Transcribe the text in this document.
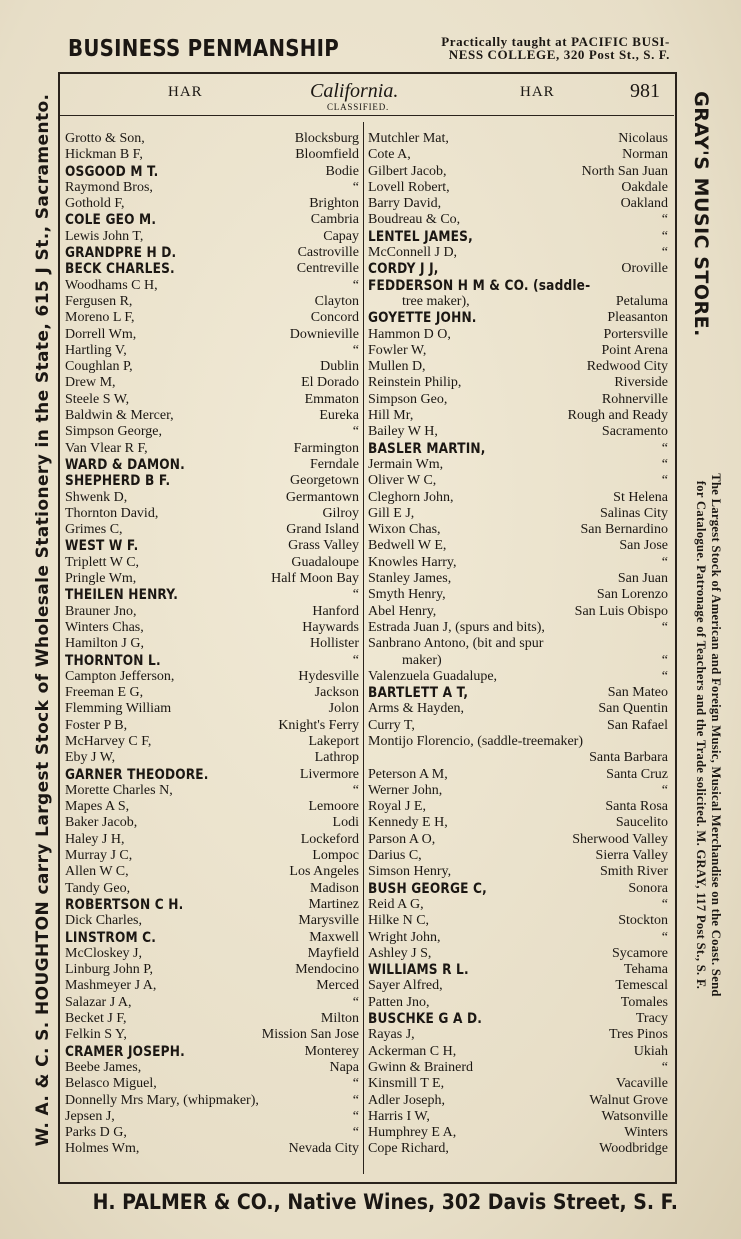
BUSINESS PENMANSHIP	Practically taught at PACIFIC BUSI-
NESS COLLEGE, 320 Post St., S. F.
HAR	California.
CLASSIFIED.
HAR	981
Grotto & Son,	Blocksburg
Hickman B F,	Bloomfield
OSGOOD M T.	Bodie
Raymond Bros,	“
Gothold F,	Brighton
COLE GEO M.	Cambria
Lewis John T,	Capay
GRANDPRE H D.	Castroville
BECK CHARLES.	Centreville
Woodhams C H,	“
Fergusen R,	Clayton
Moreno L F,	Concord
Dorrell Wm,	Downieville
Hartling V,	“
Coughlan P,	Dublin
Drew M,	El Dorado
Steele S W,	Emmaton
Baldwin & Mercer,	Eureka
Simpson George,	“
Van Vlear R F,	Farmington
WARD & DAMON.	Ferndale
SHEPHERD B F.	Georgetown
Shwenk D,	Germantown
Thornton David,	Gilroy
Grimes C,	Grand Island
WEST W F.	Grass Valley
Triplett W C,	Guadaloupe
Pringle Wm,	Half Moon Bay
THEILEN HENRY.	“
Brauner Jno,	Hanford
Winters Chas,	Haywards
Hamilton J G,	Hollister
THORNTON L.	“
Campton Jefferson,	Hydesville
Freeman E G,	Jackson
Flemming William	Jolon
Foster P B,	Knight's Ferry
McHarvey C F,	Lakeport
Eby J W,	Lathrop
GARNER THEODORE.	Livermore
Morette Charles N,	“
Mapes A S,	Lemoore
Baker Jacob,	Lodi
Haley J H,	Lockeford
Murray J C,	Lompoc
Allen W C,	Los Angeles
Tandy Geo,	Madison
ROBERTSON C H.	Martinez
Dick Charles,	Marysville
LINSTROM C.	Maxwell
McCloskey J,	Mayfield
Linburg John P,	Mendocino
Mashmeyer J A,	Merced
Salazar J A,	“
Becket J F,	Milton
Felkin S Y,	Mission San Jose
CRAMER JOSEPH.	Monterey
Beebe James,	Napa
Belasco Miguel,	“
Donnelly Mrs Mary, (whipmaker),	“
Jepsen J,	“
Parks D G,	“
Holmes Wm,	Nevada City
Mutchler Mat,	Nicolaus
Cote A,	Norman
Gilbert Jacob,	North San Juan
Lovell Robert,	Oakdale
Barry David,	Oakland
Boudreau & Co,	“
LENTEL JAMES,	“
McConnell J D,	“
CORDY J J,	Oroville
FEDDERSON H M & CO. (saddle-
tree maker),	Petaluma
GOYETTE JOHN.	Pleasanton
Hammon D O,	Portersville
Fowler W,	Point Arena
Mullen D,	Redwood City
Reinstein Philip,	Riverside
Simpson Geo,	Rohnerville
Hill Mr,	Rough and Ready
Bailey W H,	Sacramento
BASLER MARTIN,	“
Jermain Wm,	“
Oliver W C,	“
Cleghorn John,	St Helena
Gill E J,	Salinas City
Wixon Chas,	San Bernardino
Bedwell W E,	San Jose
Knowles Harry,	“
Stanley James,	San Juan
Smyth Henry,	San Lorenzo
Abel Henry,	San Luis Obispo
Estrada Juan J, (spurs and bits),	“
Sanbrano Antono, (bit and spur
maker)	“
Valenzuela Guadalupe,	“
BARTLETT A T,	San Mateo
Arms & Hayden,	San Quentin
Curry T,	San Rafael
Montijo Florencio, (saddle-treemaker)
Santa Barbara
Peterson A M,	Santa Cruz
Werner John,	“
Royal J E,	Santa Rosa
Kennedy E H,	Saucelito
Parson A O,	Sherwood Valley
Darius C,	Sierra Valley
Simson Henry,	Smith River
BUSH GEORGE C,	Sonora
Reid A G,	“
Hilke N C,	Stockton
Wright John,	“
Ashley J S,	Sycamore
WILLIAMS R L.	Tehama
Sayer Alfred,	Temescal
Patten Jno,	Tomales
BUSCHKE G A D.	Tracy
Rayas J,	Tres Pinos
Ackerman C H,	Ukiah
Gwinn & Brainerd	“
Kinsmill T E,	Vacaville
Adler Joseph,	Walnut Grove
Harris I W,	Watsonville
Humphrey E A,	Winters
Cope Richard,	Woodbridge
W. A. & C. S. HOUGHTON carry Largest Stock of Wholesale Stationery in the State, 615 J St., Sacramento.	GRAY'S MUSIC STORE.
The Largest Stock of American and Foreign Music, Musical Merchandise on the Coast. Send
for Catalogue. Patronage of Teachers and the Trade solicited. M. GRAY, 117 Post St., S. F.
H. PALMER & CO., Native Wines, 302 Davis Street, S. F.
